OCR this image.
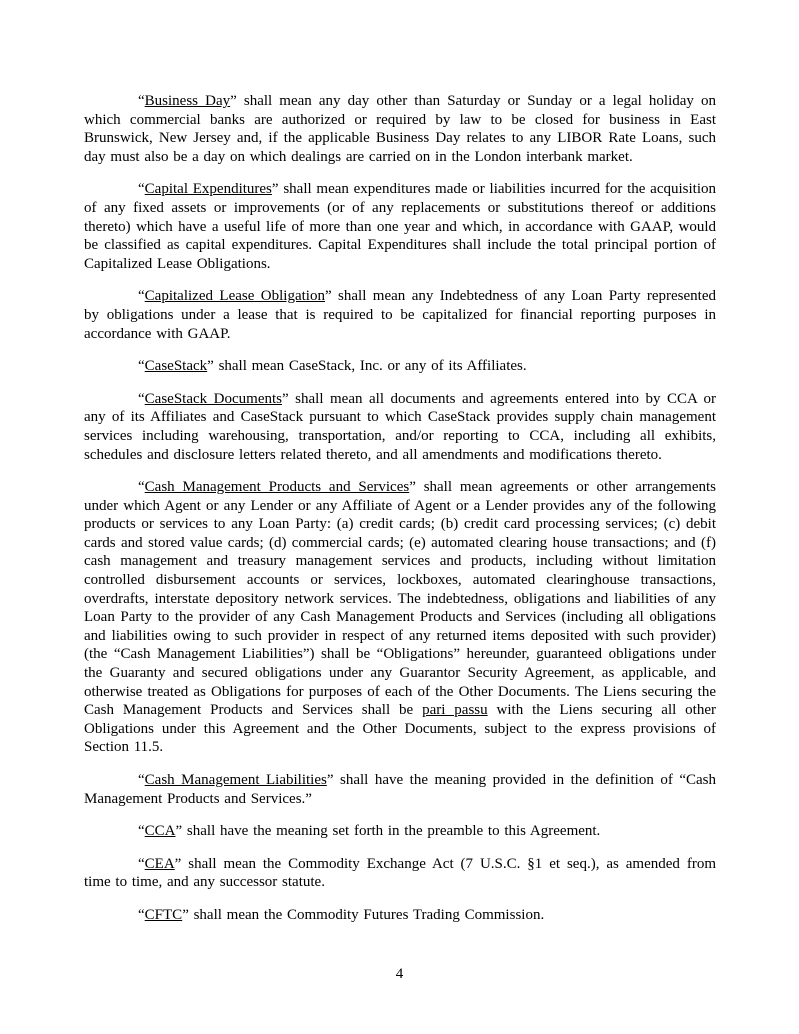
“Business Day” shall mean any day other than Saturday or Sunday or a legal holiday on which commercial banks are authorized or required by law to be closed for business in East Brunswick, New Jersey and, if the applicable Business Day relates to any LIBOR Rate Loans, such day must also be a day on which dealings are carried on in the London interbank market.

“Capital Expenditures” shall mean expenditures made or liabilities incurred for the acquisition of any fixed assets or improvements (or of any replacements or substitutions thereof or additions thereto) which have a useful life of more than one year and which, in accordance with GAAP, would be classified as capital expenditures. Capital Expenditures shall include the total principal portion of Capitalized Lease Obligations.

“Capitalized Lease Obligation” shall mean any Indebtedness of any Loan Party represented by obligations under a lease that is required to be capitalized for financial reporting purposes in accordance with GAAP.

“CaseStack” shall mean CaseStack, Inc. or any of its Affiliates.

“CaseStack Documents” shall mean all documents and agreements entered into by CCA or any of its Affiliates and CaseStack pursuant to which CaseStack provides supply chain management services including warehousing, transportation, and/or reporting to CCA, including all exhibits, schedules and disclosure letters related thereto, and all amendments and modifications thereto.

“Cash Management Products and Services” shall mean agreements or other arrangements under which Agent or any Lender or any Affiliate of Agent or a Lender provides any of the following products or services to any Loan Party: (a) credit cards; (b) credit card processing services; (c) debit cards and stored value cards; (d) commercial cards; (e) automated clearing house transactions; and (f) cash management and treasury management services and products, including without limitation controlled disbursement accounts or services, lockboxes, automated clearinghouse transactions, overdrafts, interstate depository network services. The indebtedness, obligations and liabilities of any Loan Party to the provider of any Cash Management Products and Services (including all obligations and liabilities owing to such provider in respect of any returned items deposited with such provider) (the “Cash Management Liabilities”) shall be “Obligations” hereunder, guaranteed obligations under the Guaranty and secured obligations under any Guarantor Security Agreement, as applicable, and otherwise treated as Obligations for purposes of each of the Other Documents. The Liens securing the Cash Management Products and Services shall be pari passu with the Liens securing all other Obligations under this Agreement and the Other Documents, subject to the express provisions of Section 11.5.

“Cash Management Liabilities” shall have the meaning provided in the definition of “Cash Management Products and Services.”

“CCA” shall have the meaning set forth in the preamble to this Agreement.

“CEA” shall mean the Commodity Exchange Act (7 U.S.C. §1 et seq.), as amended from time to time, and any successor statute.

“CFTC” shall mean the Commodity Futures Trading Commission.

4
